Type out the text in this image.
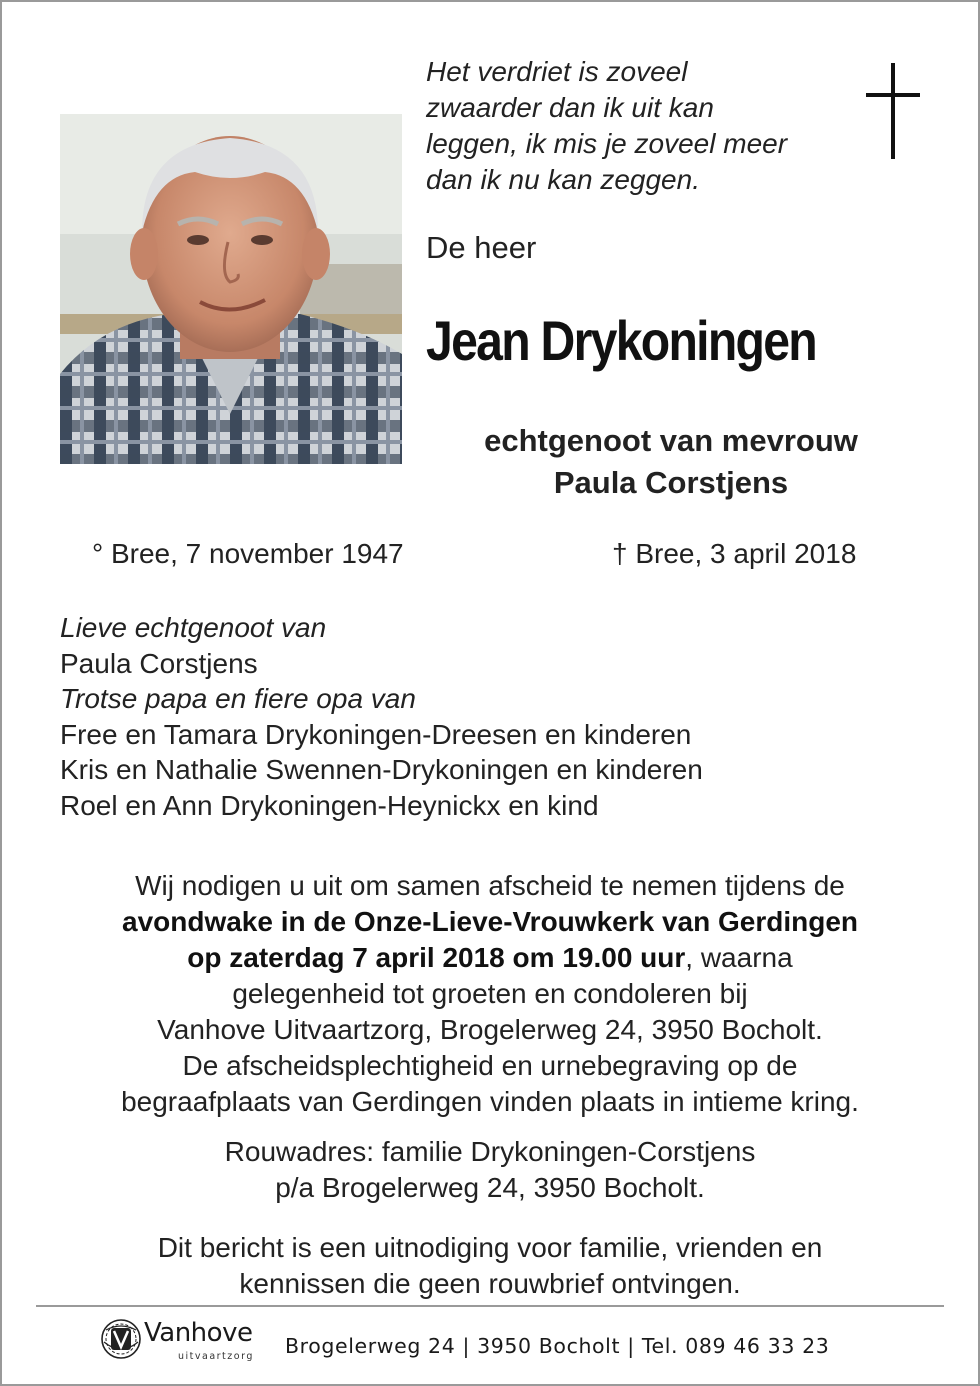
Het verdriet is zoveel
zwaarder dan ik uit kan
leggen, ik mis je zoveel meer
dan ik nu kan zeggen.
De heer
Jean Drykoningen
echtgenoot van mevrouw
Paula Corstjens
° Bree, 7 november 1947	† Bree, 3 april 2018
Lieve echtgenoot van
Paula Corstjens
Trotse papa en fiere opa van
Free en Tamara Drykoningen-Dreesen en kinderen
Kris en Nathalie Swennen-Drykoningen en kinderen
Roel en Ann Drykoningen-Heynickx en kind
Wij nodigen u uit om samen afscheid te nemen tijdens de
avondwake in de Onze-Lieve-Vrouwkerk van Gerdingen
op zaterdag 7 april 2018 om 19.00 uur, waarna
gelegenheid tot groeten en condoleren bij
Vanhove Uitvaartzorg, Brogelerweg 24, 3950 Bocholt.
De afscheidsplechtigheid en urnebegraving op de
begraafplaats van Gerdingen vinden plaats in intieme kring.
Rouwadres: familie Drykoningen-Corstjens
p/a Brogelerweg 24, 3950 Bocholt.
Dit bericht is een uitnodiging voor familie, vrienden en
kennissen die geen rouwbrief ontvingen.
Vanhove
uitvaartzorg Brogelerweg 24 | 3950 Bocholt | Tel. 089 46 33 23
